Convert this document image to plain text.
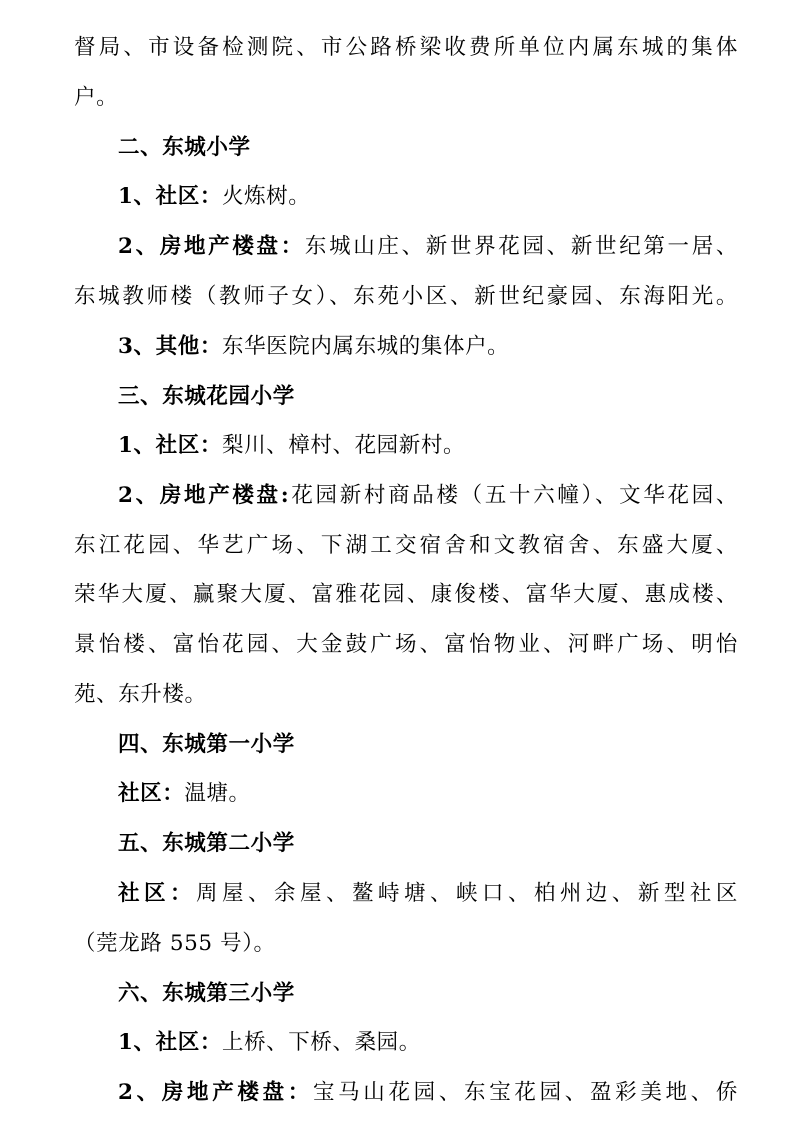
督局、市设备检测院、市公路桥梁收费所单位内属东城的集体
户。
二、东城小学
1、社区：火炼树。
2、房地产楼盘：东城山庄、新世界花园、新世纪第一居、
东城教师楼（教师子女）、东苑小区、新世纪豪园、东海阳光。
3、其他：东华医院内属东城的集体户。
三、东城花园小学
1、社区：梨川、樟村、花园新村。
2、房地产楼盘:花园新村商品楼（五十六幢）、文华花园、
东江花园、华艺广场、下湖工交宿舍和文教宿舍、东盛大厦、
荣华大厦、赢聚大厦、富雅花园、康俊楼、富华大厦、惠成楼、
景怡楼、富怡花园、大金鼓广场、富怡物业、河畔广场、明怡
苑、东升楼。
四、东城第一小学
社区：温塘。
五、东城第二小学
社区：周屋、余屋、鳌峙塘、峡口、柏州边、新型社区
（莞龙路 555 号）。
六、东城第三小学
1、社区：上桥、下桥、桑园。
2、房地产楼盘：宝马山花园、东宝花园、盈彩美地、侨
